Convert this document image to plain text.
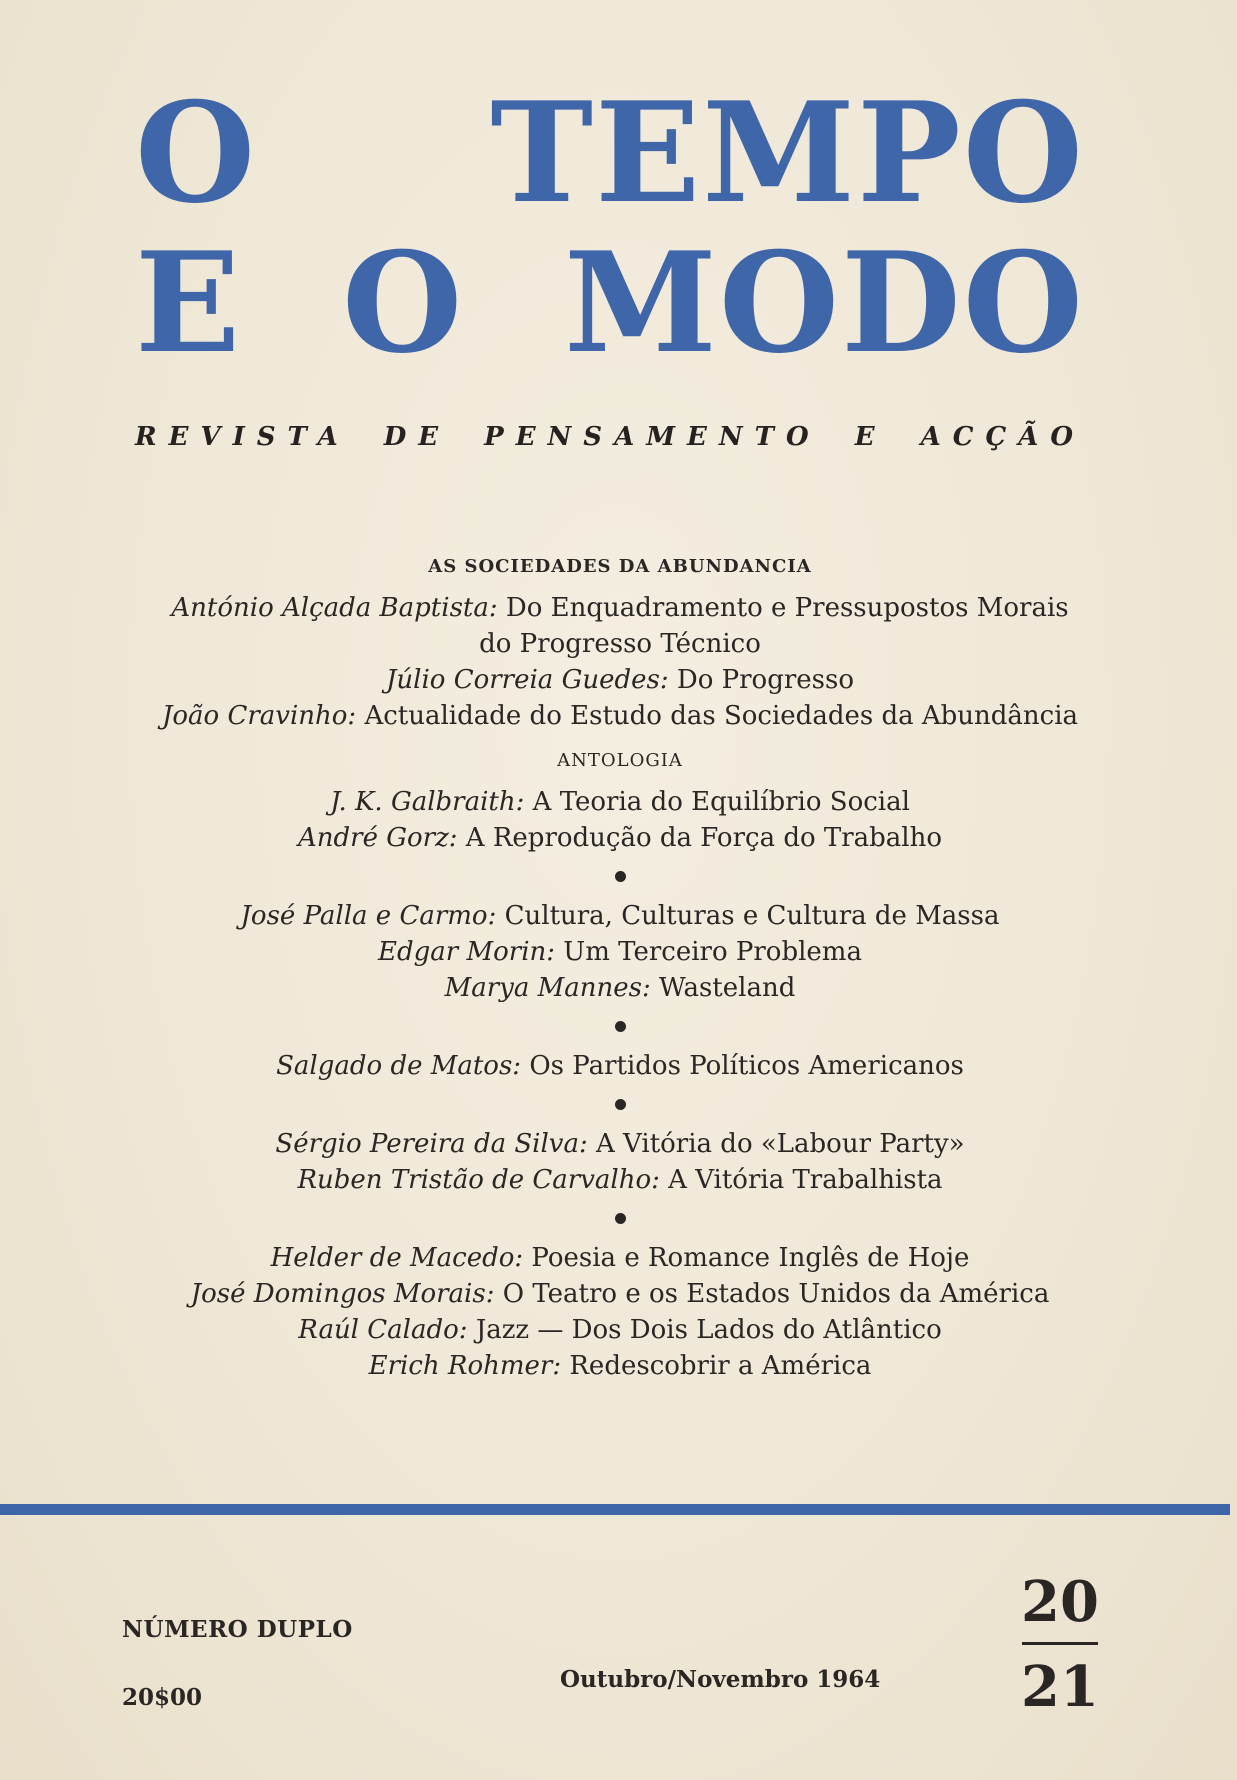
O TEMPO
E O MODO
REVISTA DE PENSAMENTO E ACÇÃO
AS SOCIEDADES DA ABUNDANCIA
António Alçada Baptista: Do Enquadramento e Pressupostos Morais
do Progresso Técnico
Júlio Correia Guedes: Do Progresso
João Cravinho: Actualidade do Estudo das Sociedades da Abundância
ANTOLOGIA
J. K. Galbraith: A Teoria do Equilíbrio Social
André Gorz: A Reprodução da Força do Trabalho
José Palla e Carmo: Cultura, Culturas e Cultura de Massa
Edgar Morin: Um Terceiro Problema
Marya Mannes: Wasteland
Salgado de Matos: Os Partidos Políticos Americanos
Sérgio Pereira da Silva: A Vitória do «Labour Party»
Ruben Tristão de Carvalho: A Vitória Trabalhista
Helder de Macedo: Poesia e Romance Inglês de Hoje
José Domingos Morais: O Teatro e os Estados Unidos da América
Raúl Calado: Jazz — Dos Dois Lados do Atlântico
Erich Rohmer: Redescobrir a América
NÚMERO DUPLO
20$00
Outubro/Novembro 1964
20
21
